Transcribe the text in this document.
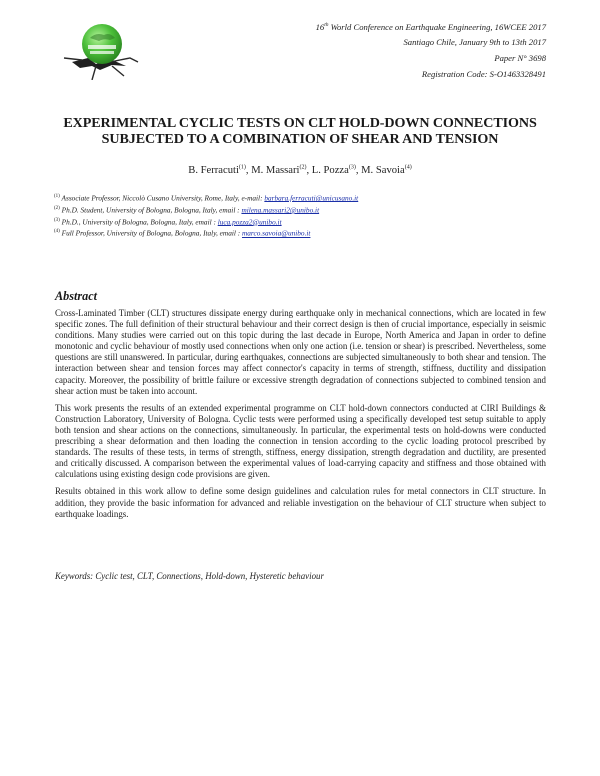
16th World Conference on Earthquake Engineering, 16WCEE 2017
Santiago Chile, January 9th to 13th 2017
Paper N° 3698
Registration Code: S-O1463328491
EXPERIMENTAL CYCLIC TESTS ON CLT HOLD-DOWN CONNECTIONS
SUBJECTED TO A COMBINATION OF SHEAR AND TENSION
B. Ferracuti$^{(1)}$, M. Massari$^{(2)}$, L. Pozza$^{(3)}$, M. Savoia$^{(4)}$
$^{(1)}$ Associate Professor, Niccolò Cusano University, Rome, Italy, e-mail: barbara.ferracuti@unicusano.it
$^{(2)}$ Ph.D. Student, University of Bologna, Bologna, Italy, email : milena.massari2@unibo.it
$^{(3)}$ Ph.D., University of Bologna, Bologna, Italy, email : luca.pozza2@unibo.it
$^{(4)}$ Full Professor, University of Bologna, Bologna, Italy, email : marco.savoia@unibo.it
Abstract

Cross-Laminated Timber (CLT) structures dissipate energy during earthquake only in mechanical connections, which are located in few specific zones. The full definition of their structural behaviour and their correct design is then of crucial importance, especially in seismic conditions. Many studies were carried out on this topic during the last decade in Europe, North America and Japan in order to define monotonic and cyclic behaviour of mostly used connections when only one action (i.e. tension or shear) is prescribed. Nevertheless, some questions are still unanswered. In particular, during earthquakes, connections are subjected simultaneously to both shear and tension. The interaction between shear and tension forces may affect connector's capacity in terms of strength, stiffness, ductility and dissipation capacity. Moreover, the possibility of brittle failure or excessive strength degradation of connections subjected to combined tension and shear action must be taken into account.

This work presents the results of an extended experimental programme on CLT hold-down connectors conducted at CIRI Buildings & Construction Laboratory, University of Bologna. Cyclic tests were performed using a specifically developed test setup suitable to apply both tension and shear actions on the connections, simultaneously. In particular, the experimental tests on hold-downs were conducted prescribing a shear deformation and then loading the connection in tension according to the cyclic loading protocol prescribed by standards. The results of these tests, in terms of strength, stiffness, energy dissipation, strength degradation and ductility, are presented and critically discussed. A comparison between the experimental values of load-carrying capacity and stiffness and those obtained with calculations using existing design code provisions are given.

Results obtained in this work allow to define some design guidelines and calculation rules for metal connectors in CLT structure. In addition, they provide the basic information for advanced and reliable investigation on the behaviour of CLT structure when subject to earthquake loadings.

Keywords: Cyclic test, CLT, Connections, Hold-down, Hysteretic behaviour
